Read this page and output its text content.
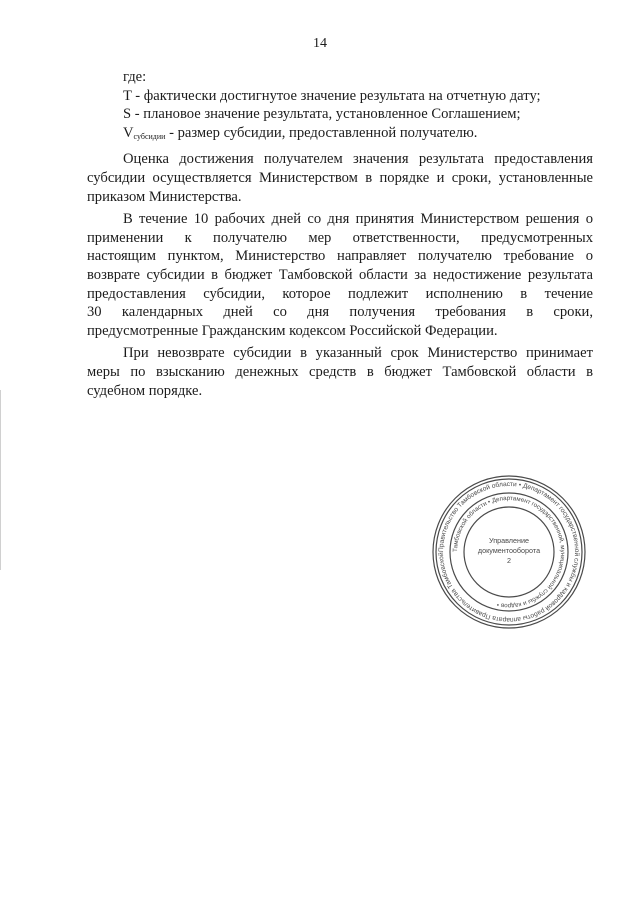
14

где:

T - фактически достигнутое значение результата на отчетную дату;

S - плановое значение результата, установленное Соглашением;

$V_{субсидии}$ - размер субсидии, предоставленной получателю.

Оценка достижения получателем значения результата предоставления

субсидии осуществляется Министерством в порядке и сроки, установленные

приказом Министерства.

В течение 10 рабочих дней со дня принятия Министерством решения о

применении к получателю мер ответственности, предусмотренных

настоящим пунктом, Министерство направляет получателю требование о

возврате субсидии в бюджет Тамбовской области за недостижение результата

предоставления субсидии, которое подлежит исполнению в течение

30 календарных дней со дня получения требования в сроки,

предусмотренные Гражданским кодексом Российской Федерации.

При невозврате субсидии в указанный срок Министерство принимает

меры по взысканию денежных средств в бюджет Тамбовской области в

судебном порядке.

Правительство Тамбовской области • Департамент государственной службы и кадровой работы аппарата Правительства Тамбовской
Тамбовской области • Департамент государственной, муниципальной службы и кадров •
Управление
документооборота
2
